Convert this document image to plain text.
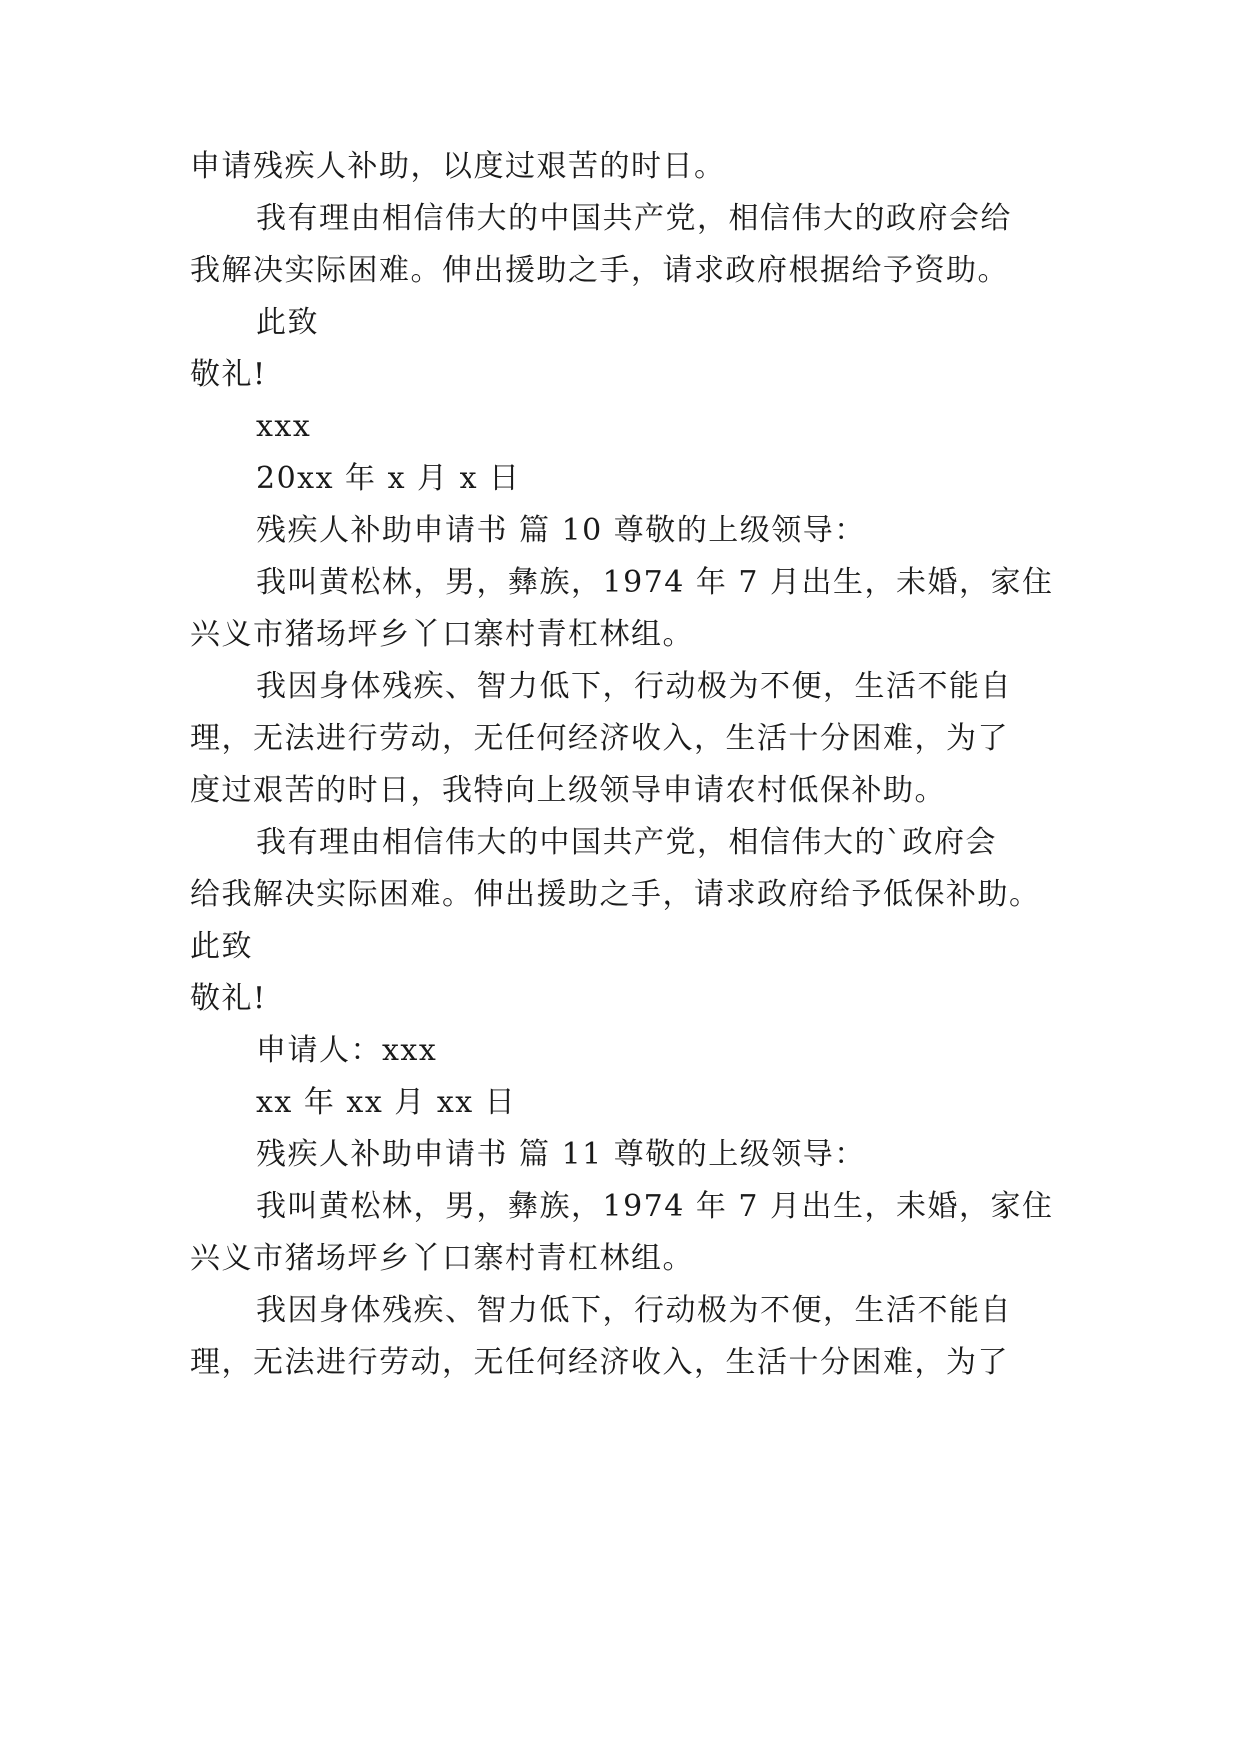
申请残疾人补助，以度过艰苦的时日。
我有理由相信伟大的中国共产党，相信伟大的政府会给
我解决实际困难。伸出援助之手，请求政府根据给予资助。
此致
敬礼!
xxx
20xx 年 x 月 x 日
残疾人补助申请书 篇 10 尊敬的上级领导：
我叫黄松林，男，彝族，1974 年 7 月出生，未婚，家住
兴义市猪场坪乡丫口寨村青杠林组。
我因身体残疾、智力低下，行动极为不便，生活不能自
理，无法进行劳动，无任何经济收入，生活十分困难，为了
度过艰苦的时日，我特向上级领导申请农村低保补助。
我有理由相信伟大的中国共产党，相信伟大的`政府会
给我解决实际困难。伸出援助之手，请求政府给予低保补助。
此致
敬礼!
申请人：xxx
xx 年 xx 月 xx 日
残疾人补助申请书 篇 11 尊敬的上级领导：
我叫黄松林，男，彝族，1974 年 7 月出生，未婚，家住
兴义市猪场坪乡丫口寨村青杠林组。
我因身体残疾、智力低下，行动极为不便，生活不能自
理，无法进行劳动，无任何经济收入，生活十分困难，为了
